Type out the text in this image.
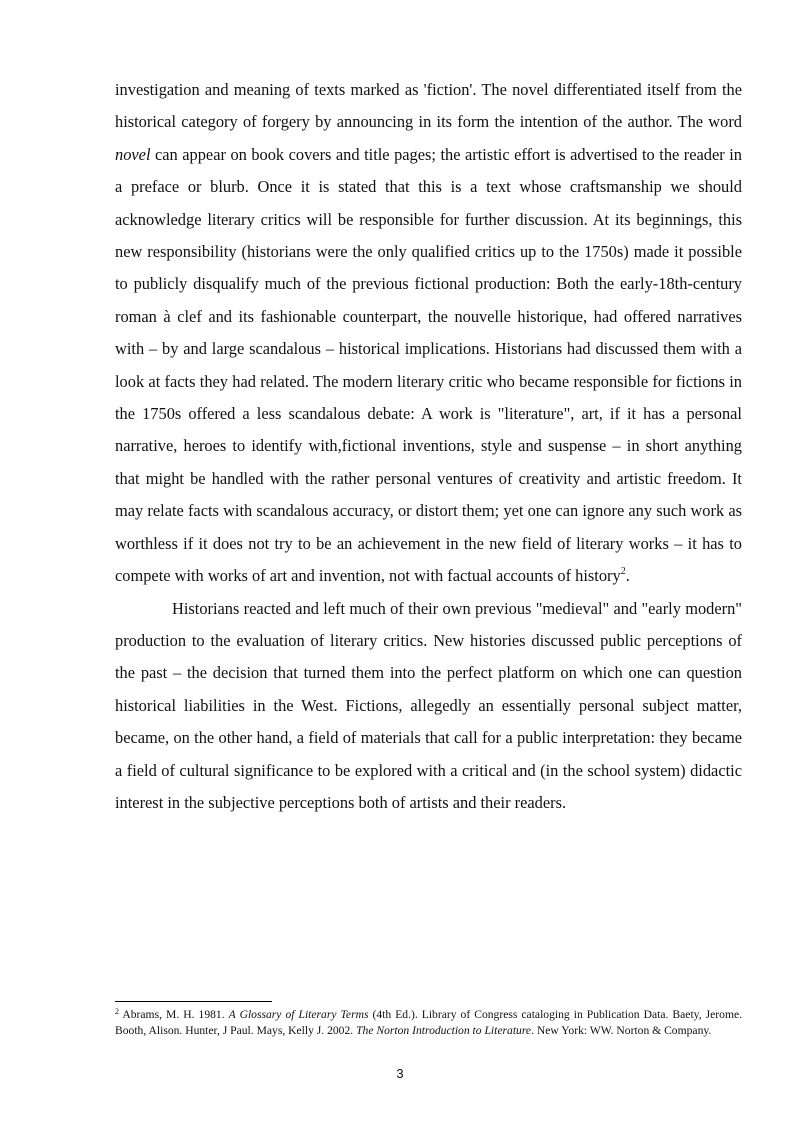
investigation and meaning of texts marked as 'fiction'. The novel differentiated itself from the historical category of forgery by announcing in its form the intention of the author. The word novel can appear on book covers and title pages; the artistic effort is advertised to the reader in a preface or blurb. Once it is stated that this is a text whose craftsmanship we should acknowledge literary critics will be responsible for further discussion. At its beginnings, this new responsibility (historians were the only qualified critics up to the 1750s) made it possible to publicly disqualify much of the previous fictional production: Both the early-18th-century roman à clef and its fashionable counterpart, the nouvelle historique, had offered narratives with – by and large scandalous – historical implications. Historians had discussed them with a look at facts they had related. The modern literary critic who became responsible for fictions in the 1750s offered a less scandalous debate: A work is "literature", art, if it has a personal narrative, heroes to identify with,fictional inventions, style and suspense – in short anything that might be handled with the rather personal ventures of creativity and artistic freedom. It may relate facts with scandalous accuracy, or distort them; yet one can ignore any such work as worthless if it does not try to be an achievement in the new field of literary works – it has to compete with works of art and invention, not with factual accounts of history$^2$.

Historians reacted and left much of their own previous "medieval" and "early modern" production to the evaluation of literary critics. New histories discussed public perceptions of the past – the decision that turned them into the perfect platform on which one can question historical liabilities in the West. Fictions, allegedly an essentially personal subject matter, became, on the other hand, a field of materials that call for a public interpretation: they became a field of cultural significance to be explored with a critical and (in the school system) didactic interest in the subjective perceptions both of artists and their readers.

$^2$ Abrams, M. H. 1981. A Glossary of Literary Terms (4th Ed.). Library of Congress cataloging in Publication Data. Baety, Jerome. Booth, Alison. Hunter, J Paul. Mays, Kelly J. 2002. The Norton Introduction to Literature. New York: WW. Norton & Company.

3
